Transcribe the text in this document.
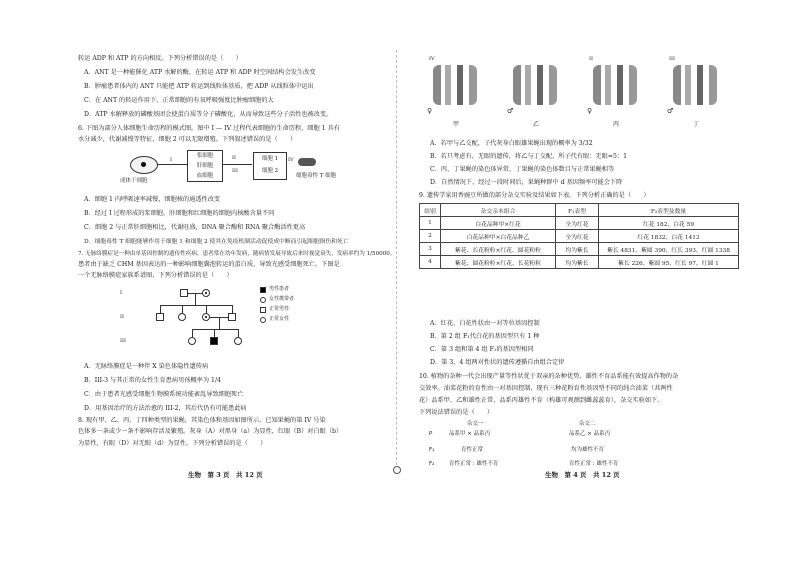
转运 ADP 和 ATP 的方向相反。下列分析错误的是（　　）
A．ANT 是一种能催化 ATP 水解的酶，在转运 ATP 和 ADP 时空间结构会发生改变
B．肿瘤患者体内的 ANT 只能把 ATP 转运到线粒体基质，把 ADP 从线粒体中运出
C．在 ANT 的转运作用下，正常细胞的有氧呼吸强度比肿瘤细胞的大
D．ATP 水解释放的磷酸基团会使蛋白质等分子磷酸化，从而导致这些分子活性也被改变。
6. 下图为部分人体细胞生命历程的模式图。图中 I — IV 过程代表细胞的生命历程，细胞 1 具有
水分减少，代谢减慢等特征，细胞 2 可以无限增殖。下列叙述错误的是（　　）
成体干细胞
I
浆细胞
肝细胞
血细胞
II
III
细胞 1
细胞 2
IV
细胞毒性 T 细胞
A．细胞 1 内呼吸速率减慢，细胞核的通透性改变
B．经过 I 过程形成的浆细胞，肝细胞和红细胞的细胞内核酸含量不同
C．细胞 2 与正常肝细胞相比，代谢旺盛，DNA 聚合酶和 RNA 聚合酶活性更高
D．细胞毒性 T 细胞能够作用于细胞 1 和细胞 2 使其在免疫机制活动促使成中断而引起细胞损伤和死亡
7. 无脉络膜症是一种由单基因控制的遗传性疾病，患者常在幼年发病，随病情发展导致后来时视觉衰失，发病率约为 1/50000。
患者由于缺乏 CHM 基因表达的一种影响细胞囊泡转运的蛋白质，导致光感受细胞死亡。下图是
一个无脉络膜症家族系谱图，下列分析错误的是（　　）
I
II
III
男性患者
女性携带者
正常男性
正常女性
A．无脉络膜症是一种伴 X 染色体隐性遗传病
B．III-3 与其正常的女性生育患病男孩概率为 1/4
C．由于患者光感受细胞生物膜系统功能紊乱导致细胞死亡
D．用基因治疗的方法治愈的 III-2，其后代仍有可能患此病
8. 现有甲、乙、丙、丁四种类型的果蝇，其染色体和基因如图所示。已知果蝇的第 IV 号染
色体多一条或少一条不影响存活及繁殖。灰身（A）对黑身（a）为显性，红眼（B）对白眼（b）
为显性，有眼（D）对无眼（d）为显性。下列分析错误的是（　　）
生物　第 3 页　共 12 页
IV
♀
甲
♂
乙
II
♀
丙
III
♂
丁
A．若甲与乙交配，子代灰身白眼雄果蝇出现的概率为 3/32
B．若只考虑有、无眼的遗传，将乙与丁交配，所子代有眼：无眼=5：1
C．丙、丁果蝇的染色体异常，丁果蝇的染色体数目与正常果蝇相等
D．自然情况下，经过一段时间后，果蝇种群中 d 基因频率可能会下降
9. 遗传学家用香豌豆所做的部分杂交实验及结果如下表。下列分析正确的是（　　）
A．红花、白花性状由一对等位基因控制
B．第 2 组 F₁代白花的基因型只有 1 种
C．第 3 组和第 4 组 F₁的基因型相同
D．第 3、4 组两对性状的遗传遵循自由组合定律
10. 植物的杂种一代会出现产量等性状优于双亲的杂种优势，雄性不育品系能有效提高作物的杂
交效率。油菜花粉的育性由一对基因控制，现有三种花粉育性基因型不同的纯合油菜（共两性
花）品系甲、乙和雄性正常，品系丙雄性不育（构雄可观测到雌蕊蕊育），杂交实验如下。
下列说法错误的是（　　）
杂交一	杂交二
P	品系甲 × 品系丙	品系乙 × 品系丙
F₁	育性正常	均为雄性不育
F₂	育性正常 : 雄性不育	育性正常 : 雄性不育
生物　第 4 页　共 12 页
组别	杂交亲本组合	F₁表型	F₂表型及数量
1	白花品种甲×红花	全为红花	红花 182、白花 59
2	白花品种甲×白花品种乙	全为红花	红花 1832、白花 1413
3	紫花、长花粉粒×红花、圆花粉粒	均为紫长	紫长 4831、紫圆 390、红长 393、红圆 1338
4	紫花、圆花粉粒×红花、长花粉粒	均为紫长	紫长 226、紫圆 95、红长 97、红圆 1
